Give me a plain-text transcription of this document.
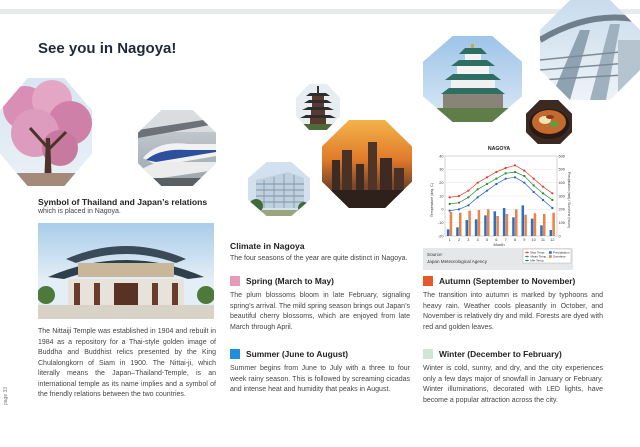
See you in Nagoya!
page 33
Symbol of Thailand and Japan’s relations
which is placed in Nagoya.
The Nittaiji Temple was established in 1904 and rebuilt in 1984 as a repository for a Thai-style golden image of Buddha and Buddhist relics presented by the King Chulalongkorn of Siam in 1900. The Nittai-ji, which literally means the Japan–Thailand-Temple, is an international temple as its name implies and a symbol of the friendly relations between the two countries.
Climate in Nagoya
The four seasons of the year are quite distinct in Nagoya.
Spring (March to May)
The plum blossoms bloom in late February, signaling spring’s arrival. The mild spring season brings out Japan’s beautiful cherry blossoms, which are enjoyed from late March through April.
Summer (June to August)
Summer begins from June to July with a three to four week rainy season. This is followed by screaming cicadas and intense heat and humidity that peaks in August.
Autumn (September to November)
The transition into autumn is marked by typhoons and heavy rain. Weather cools pleasantly in October, and November is relatively dry and mild. Forests are dyed with red and golden leaves.
Winter (December to February)
Winter is cold, sunny, and dry, and the city experiences only a few days major of snowfall in January or February. Winter illuminations, decorated with LED lights, have become a popular attraction across the city.
NAGOYA
Month
Temperature (deg. C)	Precipitation (mm) / Sunshine (hours)
-20
-10
0
10
20
30
40
0
100
200
300
400
500
600
1 2 3 4 5 6 7 8 9 10 11 12
Max Temp.
Mean Temp.
Min Temp.
Precipitation
Sunshine
Source:
Japan Meteorological Agency
